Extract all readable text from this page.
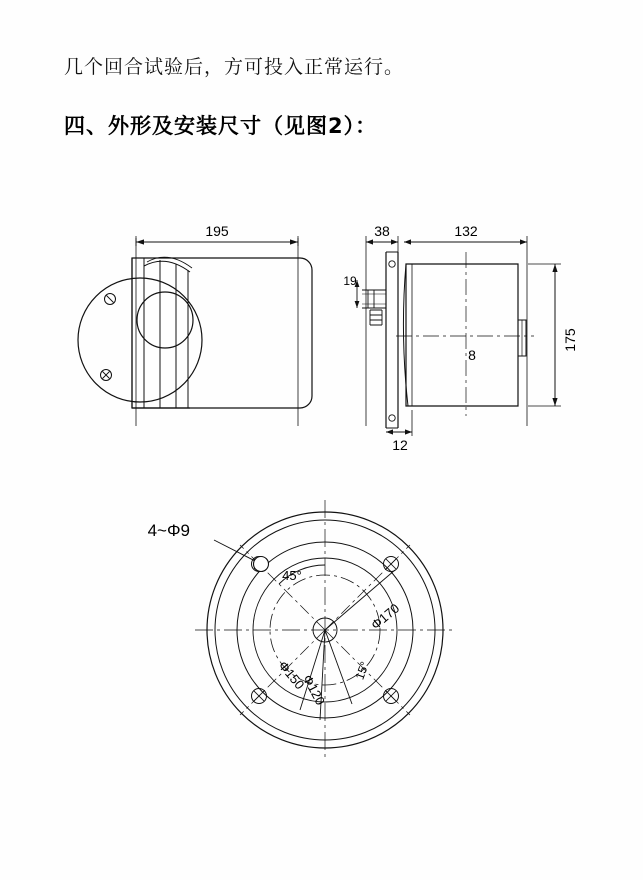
几个回合试验后，方可投入正常运行。
四、外形及安装尺寸（见图2）：
195	38	132
19
8
175
12
4~Φ9
45°
Φ170
15°
Φ150
Φ120
